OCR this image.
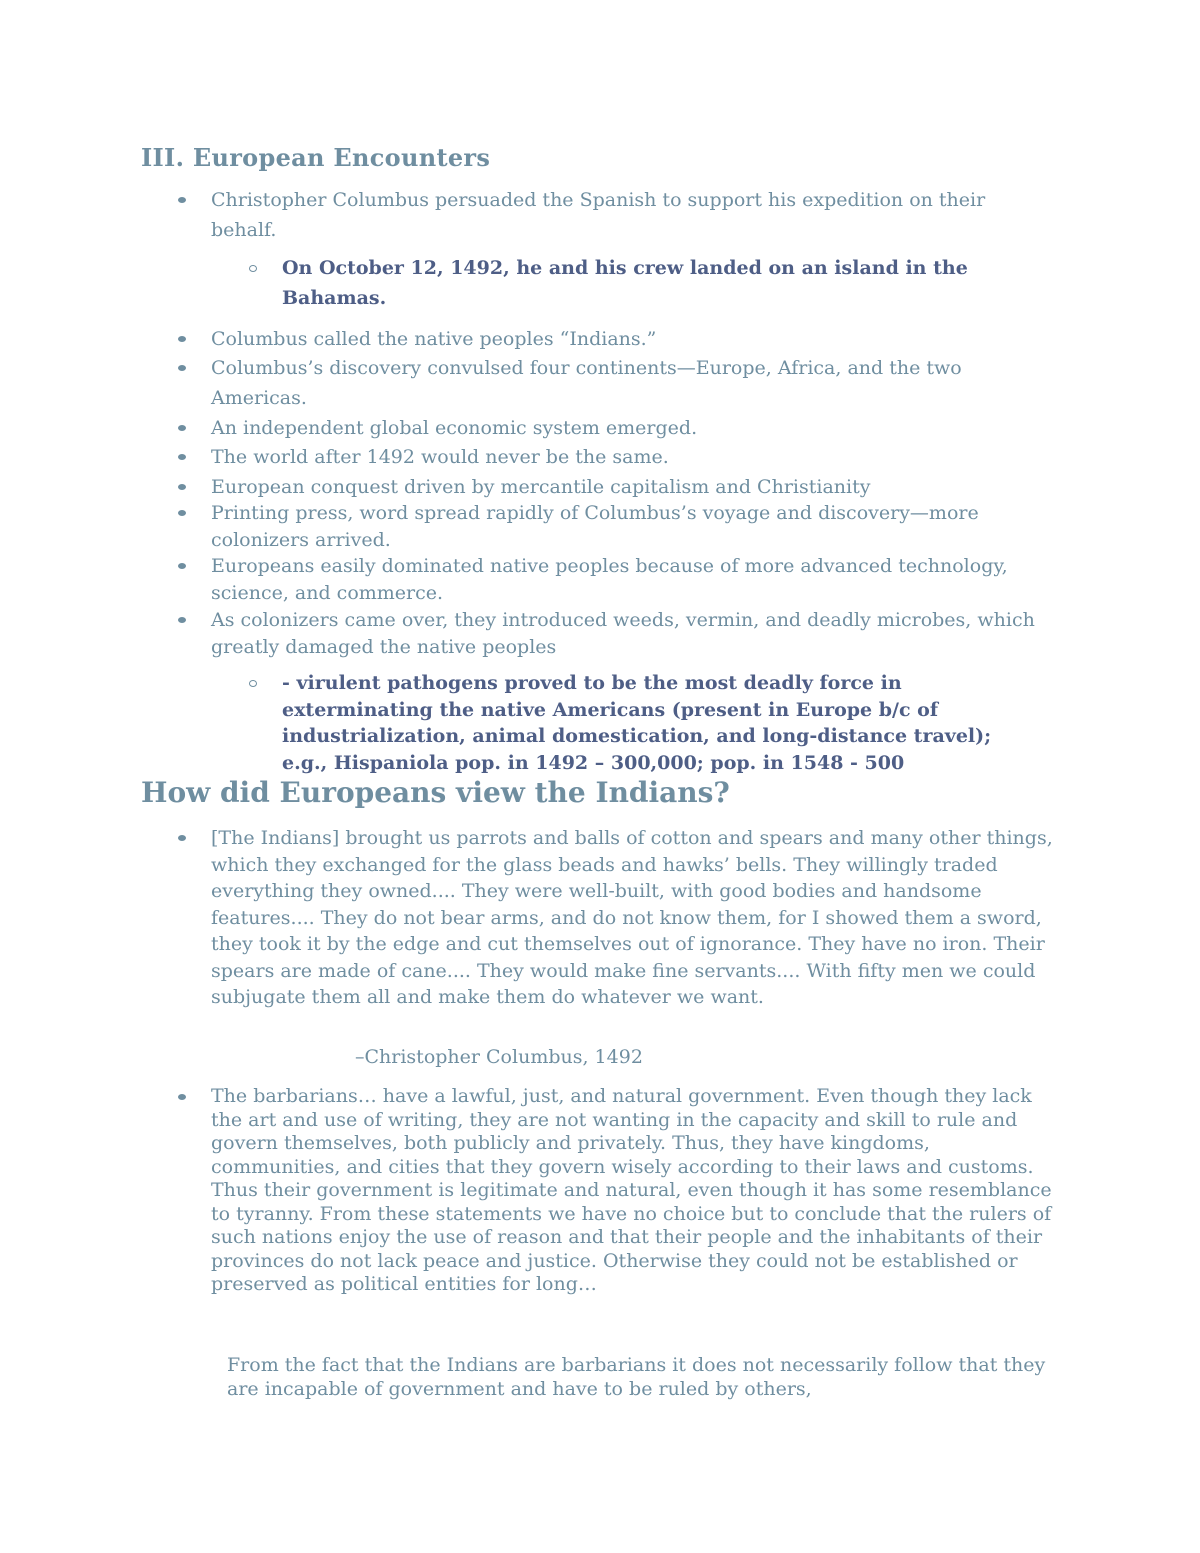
III. European Encounters
Christopher Columbus persuaded the Spanish to support his expedition on their behalf.
On October 12, 1492, he and his crew landed on an island in the Bahamas.
Columbus called the native peoples “Indians.”
Columbus’s discovery convulsed four continents—Europe, Africa, and the two Americas.
An independent global economic system emerged.
The world after 1492 would never be the same.
European conquest driven by mercantile capitalism and Christianity
Printing press, word spread rapidly of Columbus’s voyage and discovery—more colonizers arrived.
Europeans easily dominated native peoples because of more advanced technology, science, and commerce.
As colonizers came over, they introduced weeds, vermin, and deadly microbes, which greatly damaged the native peoples
- virulent pathogens proved to be the most deadly force in exterminating the native Americans (present in Europe b/c of industrialization, animal domestication, and long-distance travel); e.g., Hispaniola pop. in 1492 – 300,000; pop. in 1548 - 500
How did Europeans view the Indians?
[The Indians] brought us parrots and balls of cotton and spears and many other things, which they exchanged for the glass beads and hawks’ bells. They willingly traded everything they owned.... They were well-built, with good bodies and handsome features.... They do not bear arms, and do not know them, for I showed them a sword, they took it by the edge and cut themselves out of ignorance. They have no iron. Their spears are made of cane.... They would make fine servants.... With fifty men we could subjugate them all and make them do whatever we want.
–Christopher Columbus, 1492
The barbarians… have a lawful, just, and natural government. Even though they lack the art and use of writing, they are not wanting in the capacity and skill to rule and govern themselves, both publicly and privately. Thus, they have kingdoms, communities, and cities that they govern wisely according to their laws and customs. Thus their government is legitimate and natural, even though it has some resemblance to tyranny. From these statements we have no choice but to conclude that the rulers of such nations enjoy the use of reason and that their people and the inhabitants of their provinces do not lack peace and justice. Otherwise they could not be established or preserved as political entities for long…
From the fact that the Indians are barbarians it does not necessarily follow that they are incapable of government and have to be ruled by others,
